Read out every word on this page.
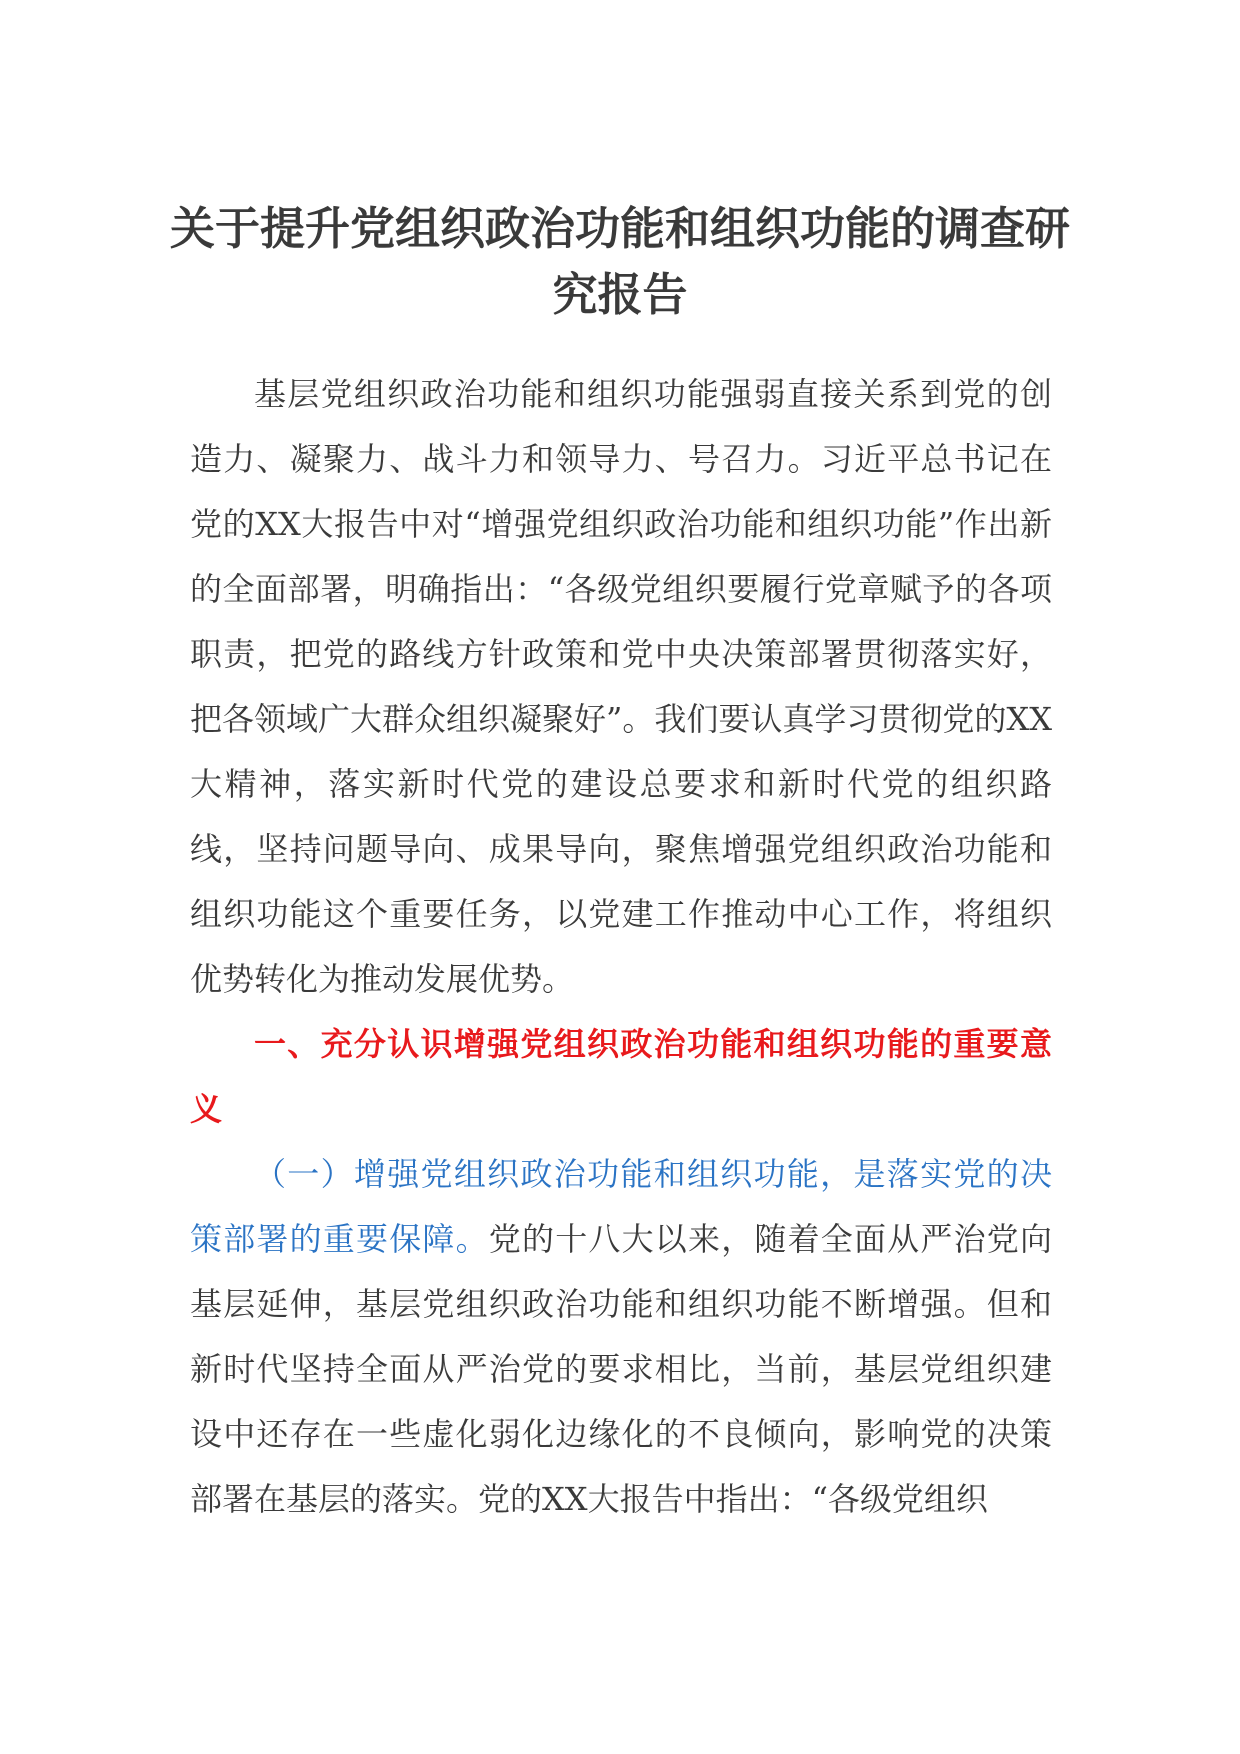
关于提升党组织政治功能和组织功能的调查研究报告

基层党组织政治功能和组织功能强弱直接关系到党的创造力、凝聚力、战斗力和领导力、号召力。习近平总书记在党的XX大报告中对“增强党组织政治功能和组织功能”作出新的全面部署，明确指出：“各级党组织要履行党章赋予的各项职责，把党的路线方针政策和党中央决策部署贯彻落实好，把各领域广大群众组织凝聚好”。我们要认真学习贯彻党的XX大精神，落实新时代党的建设总要求和新时代党的组织路线，坚持问题导向、成果导向，聚焦增强党组织政治功能和组织功能这个重要任务，以党建工作推动中心工作，将组织优势转化为推动发展优势。

一、充分认识增强党组织政治功能和组织功能的重要意义

（一）增强党组织政治功能和组织功能，是落实党的决策部署的重要保障。党的十八大以来，随着全面从严治党向基层延伸，基层党组织政治功能和组织功能不断增强。但和新时代坚持全面从严治党的要求相比，当前，基层党组织建设中还存在一些虚化弱化边缘化的不良倾向，影响党的决策部署在基层的落实。党的XX大报告中指出：“各级党组织
